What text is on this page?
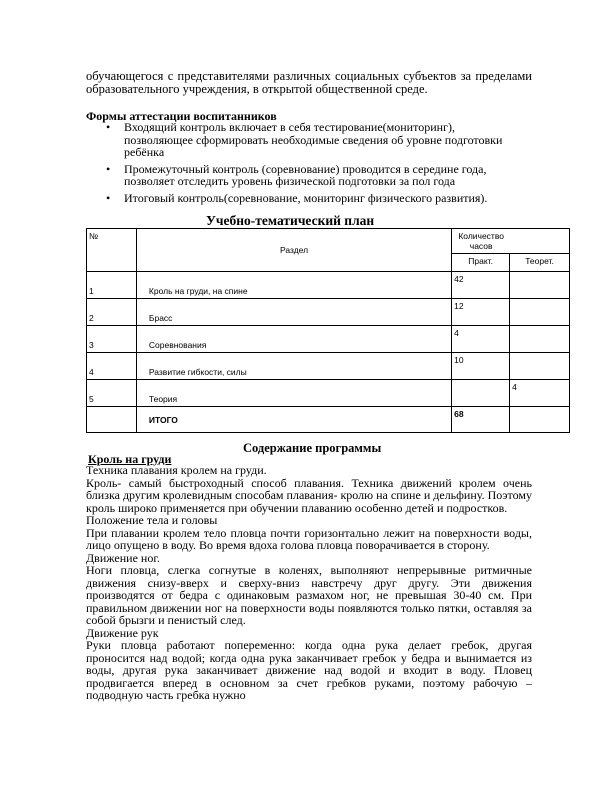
обучающегося с представителями различных социальных субъектов за пределами образовательного учреждения, в открытой общественной среде.
Формы аттестации воспитанников
• Входящий контроль включает в себя тестирование(мониторинг), позволяющее сформировать необходимые сведения об уровне подготовки ребёнка
• Промежуточный контроль (соревнование) проводится в середине года, позволяет отследить уровень физической подготовки за пол года
• Итоговый контроль(соревнование, мониторинг физического развития).
Учебно-тематический план
№	Раздел	Количество часов	

		Практ.	Теорет.
1	Кроль на груди, на спине	42	
2	Брасс	12	
3	Соревнования	4	
4	Развитие гибкости, силы	10	
5	Теория		4
	ИТОГО	68	
Содержание программы
Кроль на груди

Техника плавания кролем на груди.

Кроль- самый быстроходный способ плавания. Техника движений кролем очень близка другим кролевидным способам плавания- кролю на спине и дельфину. Поэтому кроль широко применяется при обучении плаванию особенно детей и подростков.

Положение тела и головы

При плавании кролем тело пловца почти горизонтально лежит на поверхности воды, лицо опущено в воду. Во время вдоха голова пловца поворачивается в сторону.

Движение ног.

Ноги пловца, слегка согнутые в коленях, выполняют непрерывные ритмичные движения снизу-вверх и сверху-вниз навстречу друг другу. Эти движения производятся от бедра с одинаковым размахом ног, не превышая 30-40 см. При правильном движении ног на поверхности воды появляются только пятки, оставляя за собой брызги и пенистый след.

Движение рук

Руки пловца работают попеременно: когда одна рука делает гребок, другая проносится над водой; когда одна рука заканчивает гребок у бедра и вынимается из воды, другая рука заканчивает движение над водой и входит в воду. Пловец продвигается вперед в основном за счет гребков руками, поэтому рабочую – подводную часть гребка нужно
